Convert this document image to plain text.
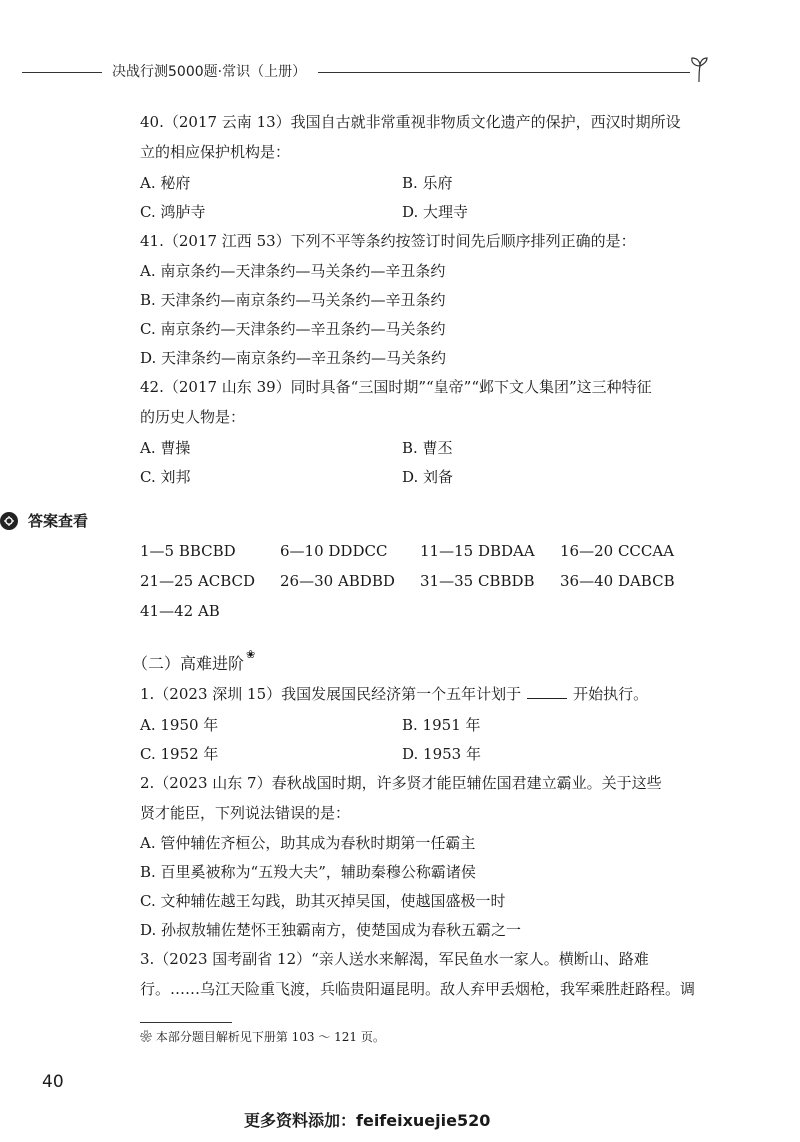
决战行测5000题·常识（上册）
40.（2017 云南 13）我国自古就非常重视非物质文化遗产的保护，西汉时期所设
立的相应保护机构是：
A. 秘府	B. 乐府
C. 鸿胪寺	D. 大理寺
41.（2017 江西 53）下列不平等条约按签订时间先后顺序排列正确的是：
A. 南京条约—天津条约—马关条约—辛丑条约
B. 天津条约—南京条约—马关条约—辛丑条约
C. 南京条约—天津条约—辛丑条约—马关条约
D. 天津条约—南京条约—辛丑条约—马关条约
42.（2017 山东 39）同时具备“三国时期”“皇帝”“邺下文人集团”这三种特征
的历史人物是：
A. 曹操	B. 曹丕
C. 刘邦	D. 刘备
答案查看
1—5 BBCBD	6—10 DDDCC	11—15 DBDAA	16—20 CCCAA
21—25 ACBCD	26—30 ABDBD	31—35 CBBDB	36—40 DABCB
41—42 AB
（二）高难进阶 ❀
1.（2023 深圳 15）我国发展国民经济第一个五年计划于	开始执行。
A. 1950 年	B. 1951 年
C. 1952 年	D. 1953 年
2.（2023 山东 7）春秋战国时期，许多贤才能臣辅佐国君建立霸业。关于这些
贤才能臣，下列说法错误的是：
A. 管仲辅佐齐桓公，助其成为春秋时期第一任霸主
B. 百里奚被称为“五羖大夫”，辅助秦穆公称霸诸侯
C. 文种辅佐越王勾践，助其灭掉吴国，使越国盛极一时
D. 孙叔敖辅佐楚怀王独霸南方，使楚国成为春秋五霸之一
3.（2023 国考副省 12）“亲人送水来解渴，军民鱼水一家人。横断山、路难
行。……乌江天险重飞渡，兵临贵阳逼昆明。敌人弃甲丢烟枪，我军乘胜赶路程。调
❀ 本部分题目解析见下册第 103 ～ 121 页。
40
更多资料添加：feifeixuejie520
